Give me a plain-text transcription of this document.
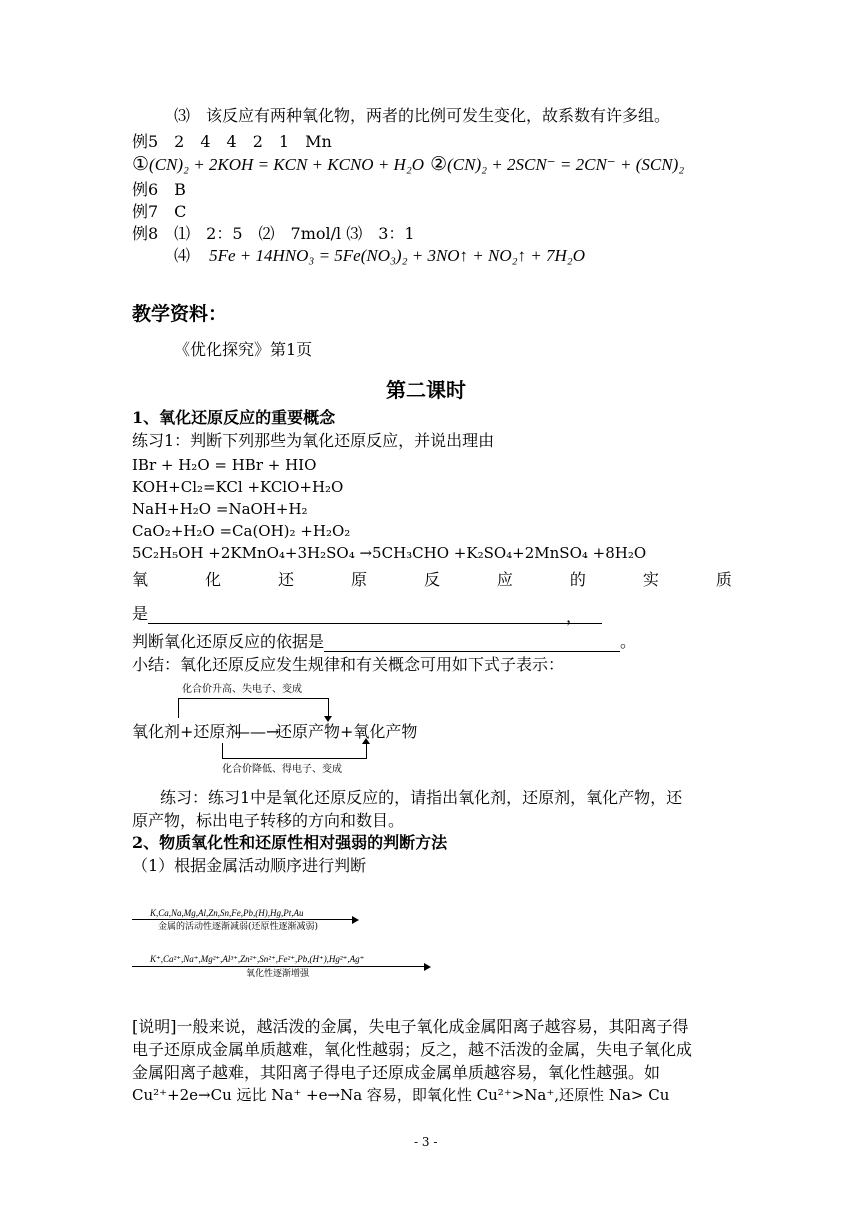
⑶　该反应有两种氧化物，两者的比例可发生变化，故系数有许多组。
例5　2　4　4　2　1　Mn
①(CN)₂ + 2KOH = KCN + KCNO + H₂O ②(CN)₂ + 2SCN⁻ = 2CN⁻ + (SCN)₂
例6　B
例7　C
例8　⑴　2：5　⑵　7mol/l ⑶　3：1
⑷ 5Fe + 14HNO₃ = 5Fe(NO₃)₂ + 3NO↑ + NO₂↑ + 7H₂O
教学资料：
《优化探究》第1页
第二课时
1、氧化还原反应的重要概念
练习1：判断下列那些为氧化还原反应，并说出理由
IBr + H₂O = HBr + HIO
KOH+Cl₂=KCl +KClO+H₂O
NaH+H₂O =NaOH+H₂
CaO₂+H₂O =Ca(OH)₂ +H₂O₂
5C₂H₅OH +2KMnO₄+3H₂SO₄ →5CH₃CHO +K₂SO₄+2MnSO₄ +8H₂O
氧	化	还	原	反	应	的	实	质
是	，
判断氧化还原反应的依据是	。
小结：氧化还原反应发生规律和有关概念可用如下式子表示：
化合价升高、失电子、变成
氧化剂+还原剂
——→
还原产物+氧化产物
化合价降低、得电子、变成
练习：练习1中是氧化还原反应的，请指出氧化剂，还原剂，氧化产物，还
原产物，标出电子转移的方向和数目。
2、物质氧化性和还原性相对强弱的判断方法
（1）根据金属活动顺序进行判断
K,Ca,Na,Mg,Al,Zn,Sn,Fe,Pb,(H),Hg,Pt,Au
金属的活动性逐渐减弱(还原性逐渐减弱)
K⁺,Ca²⁺,Na⁺,Mg²⁺,Al³⁺,Zn²⁺,Sn²⁺,Fe²⁺,Pb,(H⁺),Hg²⁺,Ag⁺
氧化性逐渐增强
[说明]一般来说，越活泼的金属，失电子氧化成金属阳离子越容易，其阳离子得
电子还原成金属单质越难，氧化性越弱；反之，越不活泼的金属，失电子氧化成
金属阳离子越难，其阳离子得电子还原成金属单质越容易，氧化性越强。如
Cu²⁺+2e→Cu 远比 Na⁺ +e→Na 容易，即氧化性 Cu²⁺>Na⁺,还原性 Na> Cu
- 3 -
